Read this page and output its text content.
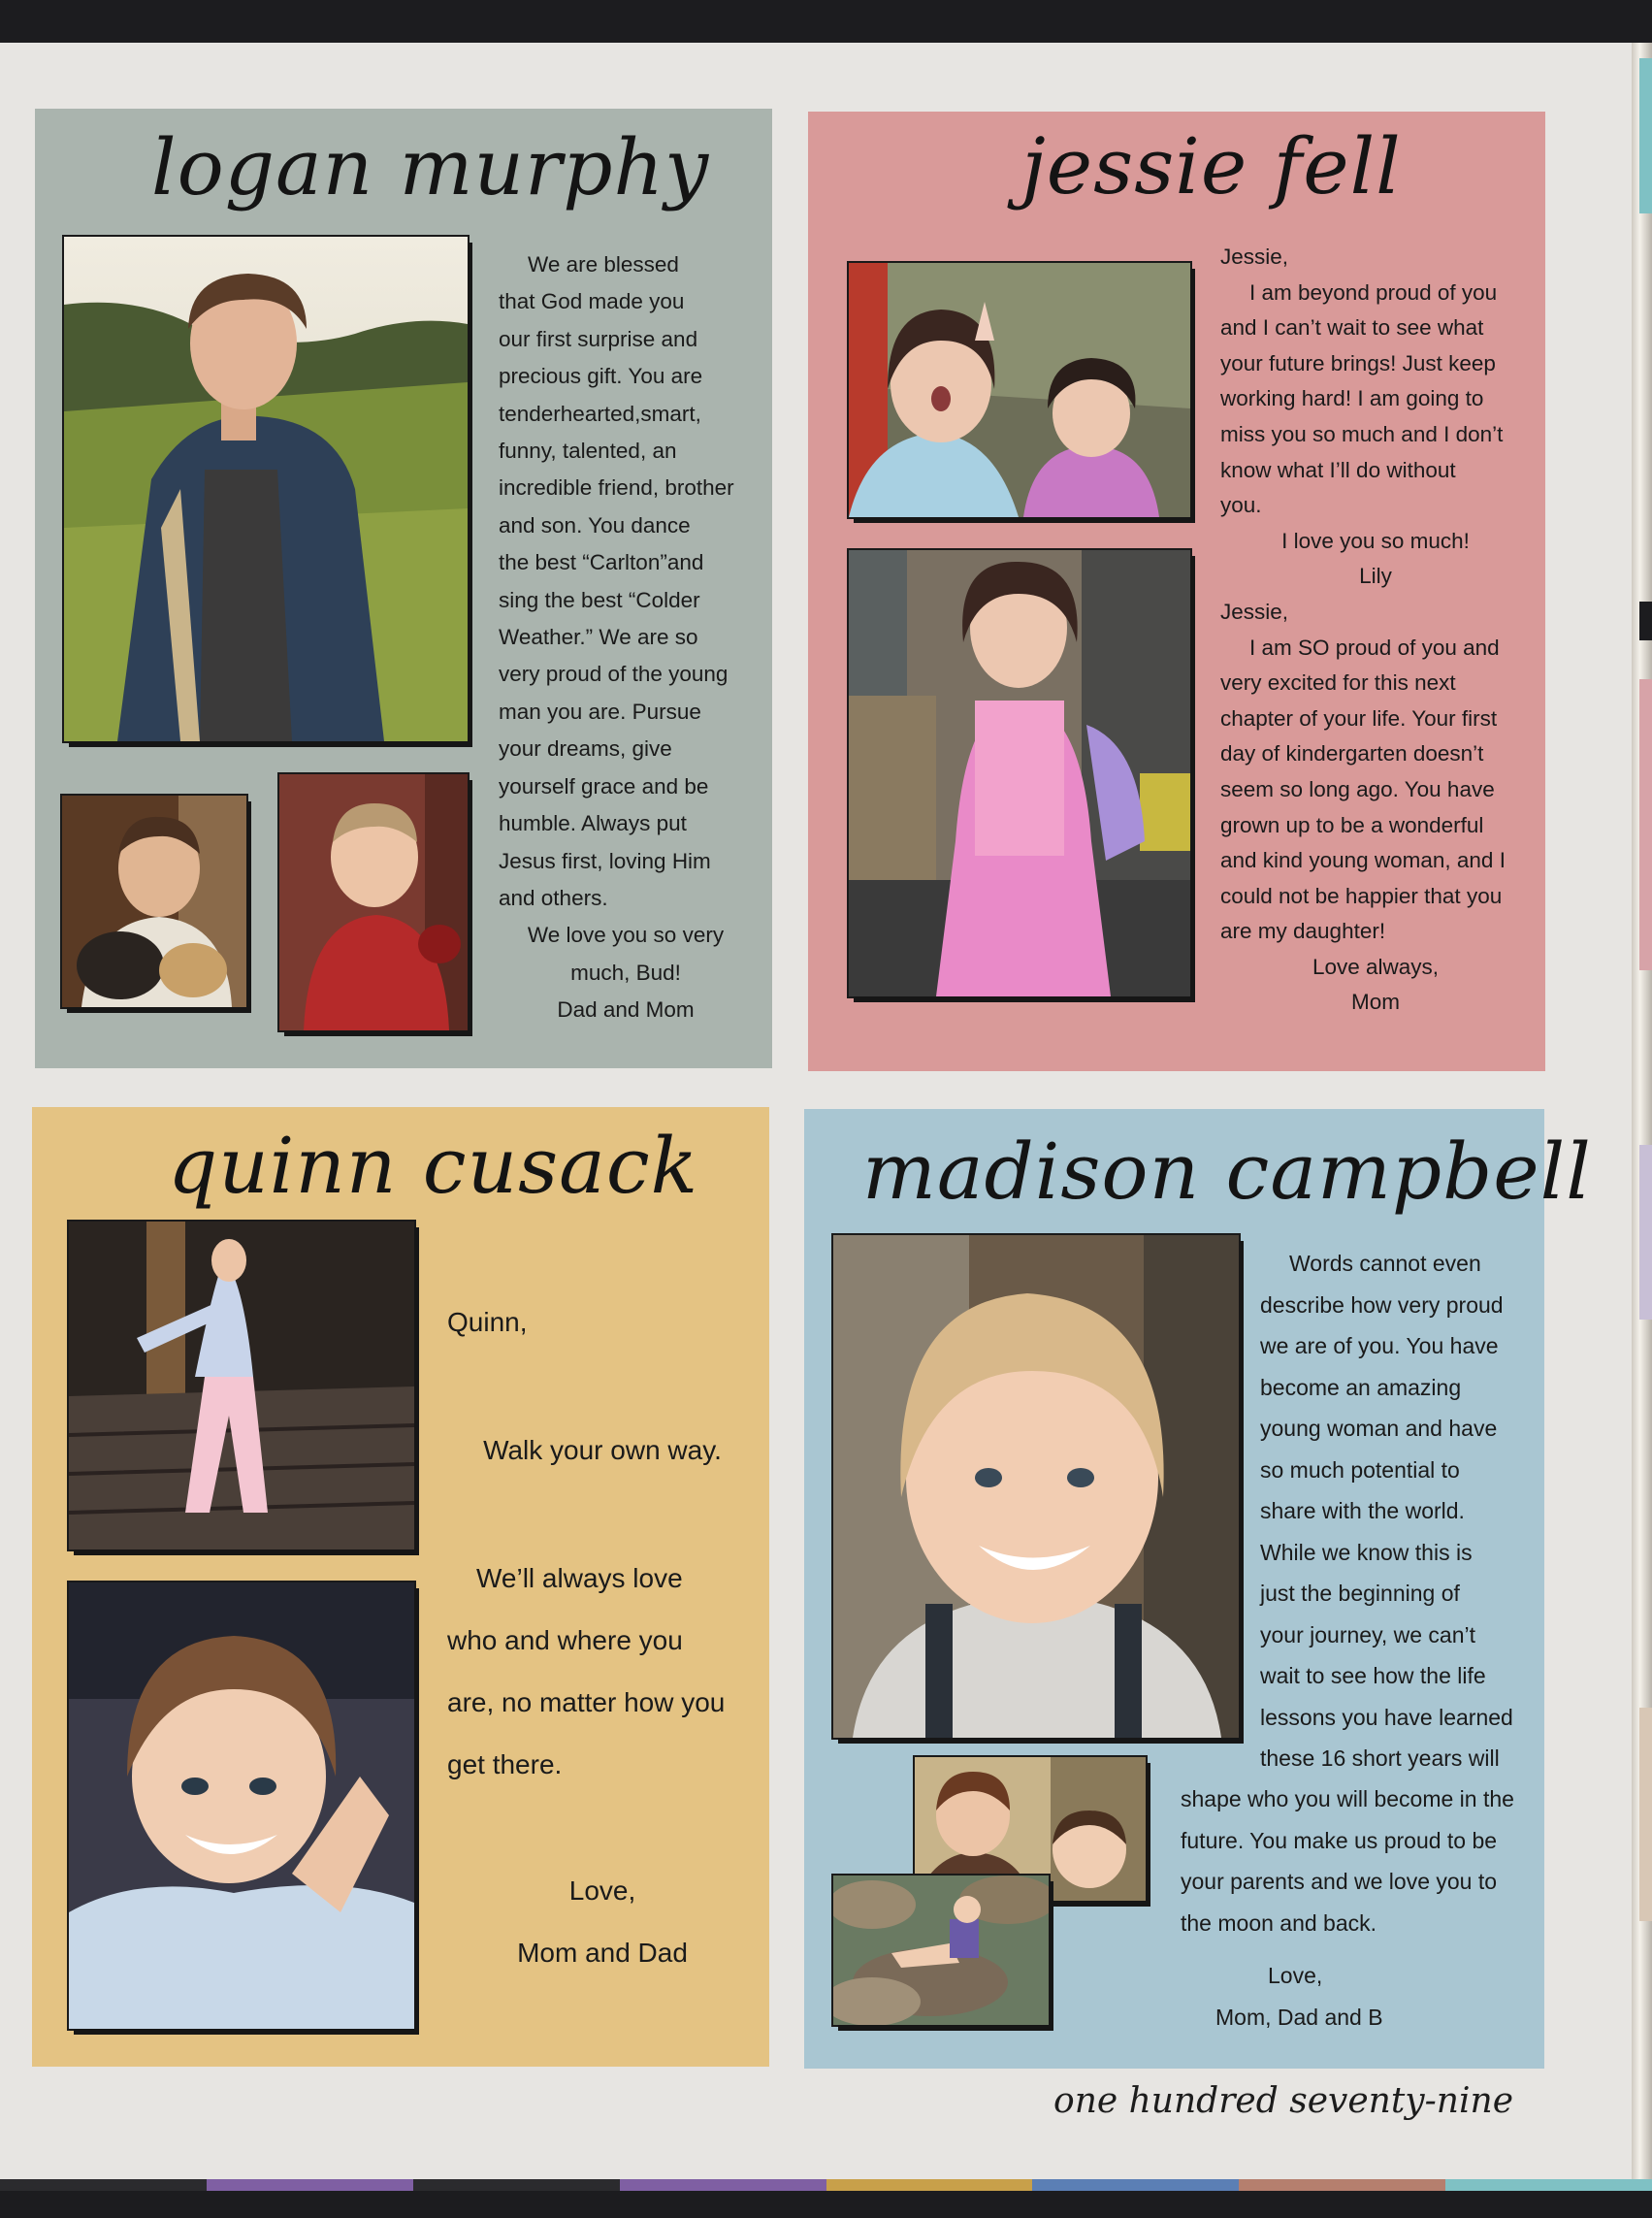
logan murphy

We are blessed

that God made you

our first surprise and

precious gift. You are

tenderhearted,smart,

funny, talented, an

incredible friend, brother

and son. You dance

the best “Carlton”and

sing the best “Colder

Weather.” We are so

very proud of the young

man you are. Pursue

your dreams, give

yourself grace and be

humble. Always put

Jesus first, loving Him

and others.

We love you so very

much, Bud!

Dad and Mom

jessie fell

Jessie,

I am beyond proud of you

and I can’t wait to see what

your future brings! Just keep

working hard! I am going to

miss you so much and I don’t

know what I’ll do without

you.

I love you so much!

Lily

Jessie,

I am SO proud of you and

very excited for this next

chapter of your life. Your first

day of kindergarten doesn’t

seem so long ago. You have

grown up to be a wonderful

and kind young woman, and I

could not be happier that you

are my daughter!

Love always,

Mom

quinn cusack

Quinn,

Walk your own way.

We’ll always love

who and where you

are, no matter how you

get there.

Love,

Mom and Dad

madison campbell

Words cannot even

describe how very proud

we are of you. You have

become an amazing

young woman and have

so much potential to

share with the world.

While we know this is

just the beginning of

your journey, we can’t

wait to see how the life

lessons you have learned

these 16 short years will

shape who you will become in the

future. You make us proud to be

your parents and we love you to

the moon and back.

Love,

Mom, Dad and B

one hundred seventy-nine
